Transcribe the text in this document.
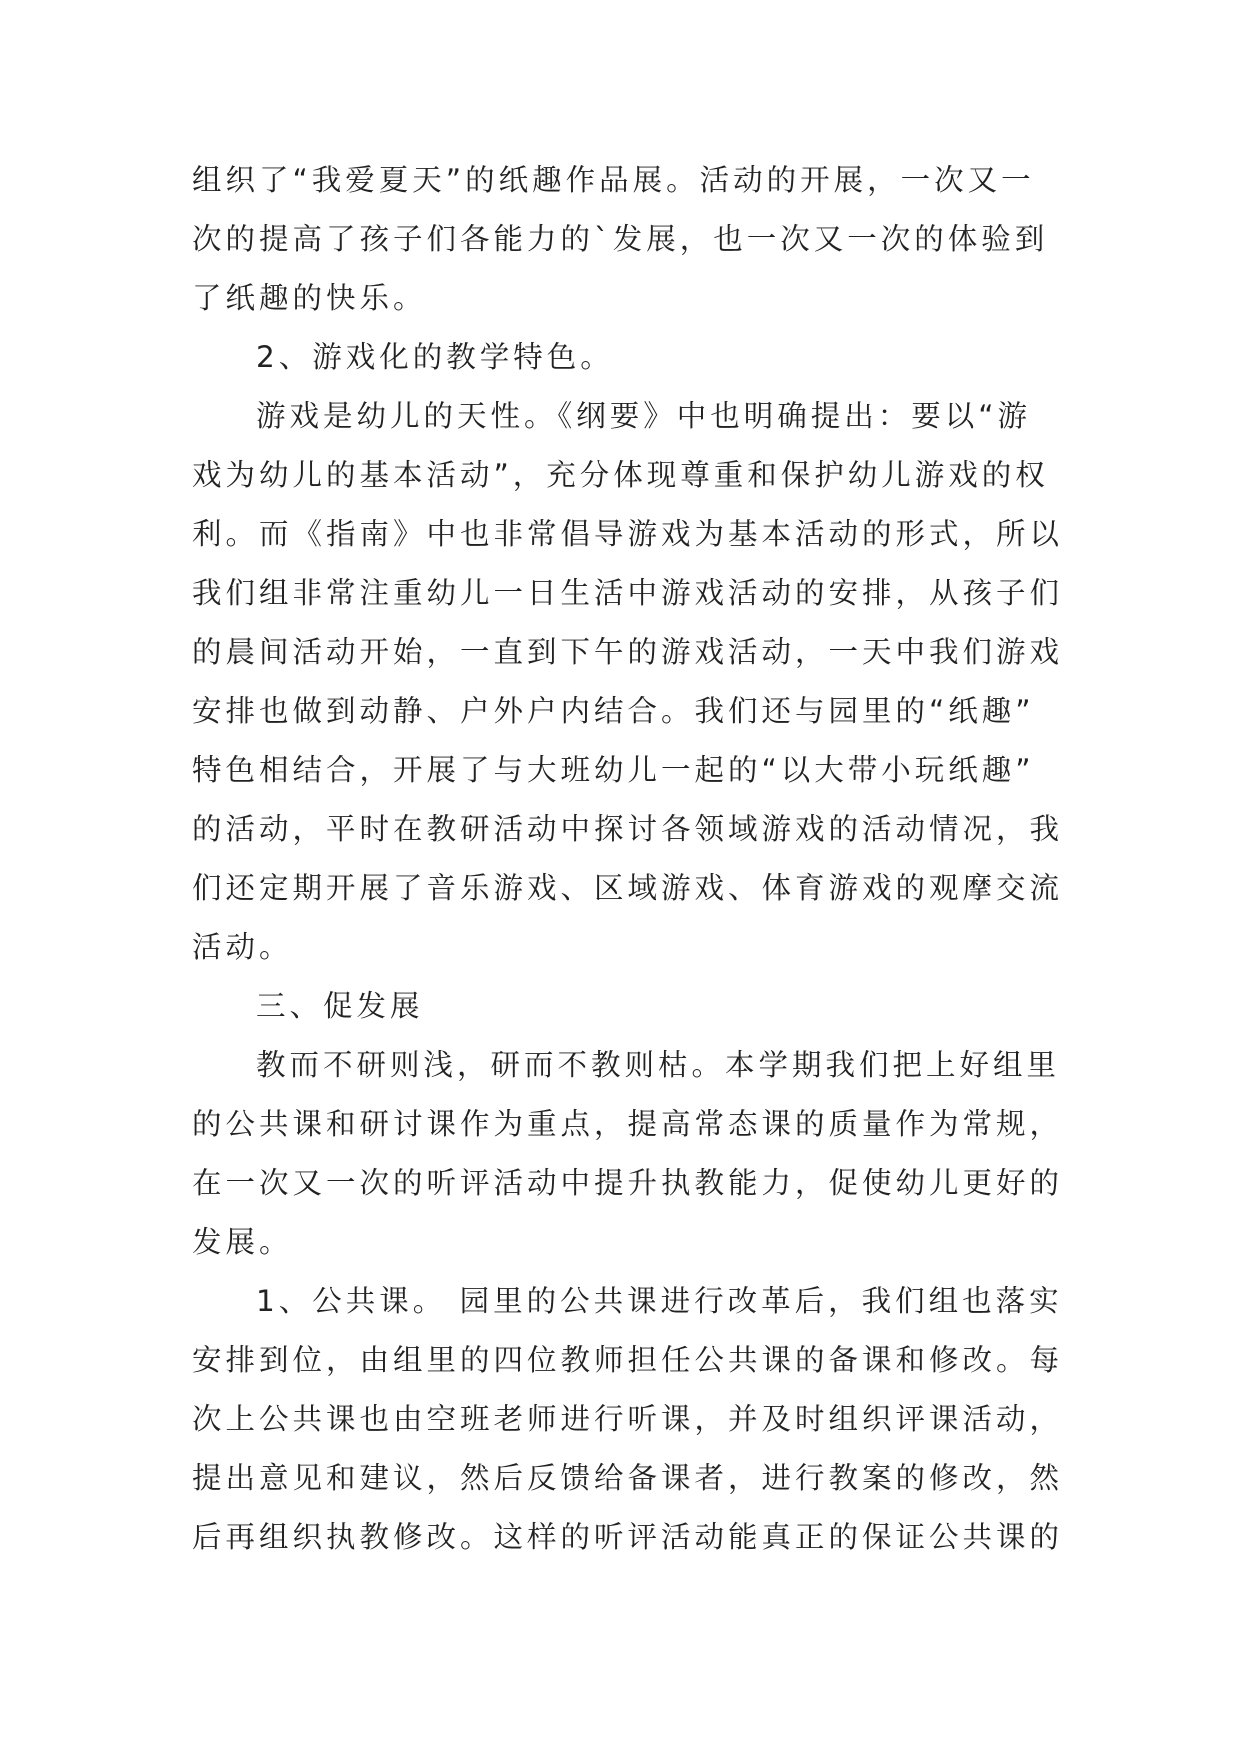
组织了“我爱夏天”的纸趣作品展。活动的开展，一次又一
次的提高了孩子们各能力的`发展，也一次又一次的体验到
了纸趣的快乐。
2、游戏化的教学特色。
游戏是幼儿的天性。《纲要》中也明确提出：要以“游
戏为幼儿的基本活动”，充分体现尊重和保护幼儿游戏的权
利。而《指南》中也非常倡导游戏为基本活动的形式，所以
我们组非常注重幼儿一日生活中游戏活动的安排，从孩子们
的晨间活动开始，一直到下午的游戏活动，一天中我们游戏
安排也做到动静、户外户内结合。我们还与园里的“纸趣”
特色相结合，开展了与大班幼儿一起的“以大带小玩纸趣”
的活动，平时在教研活动中探讨各领域游戏的活动情况，我
们还定期开展了音乐游戏、区域游戏、体育游戏的观摩交流
活动。
三、促发展
教而不研则浅，研而不教则枯。本学期我们把上好组里
的公共课和研讨课作为重点，提高常态课的质量作为常规，
在一次又一次的听评活动中提升执教能力，促使幼儿更好的
发展。
1、公共课。 园里的公共课进行改革后，我们组也落实
安排到位，由组里的四位教师担任公共课的备课和修改。每
次上公共课也由空班老师进行听课，并及时组织评课活动，
提出意见和建议，然后反馈给备课者，进行教案的修改，然
后再组织执教修改。这样的听评活动能真正的保证公共课的
